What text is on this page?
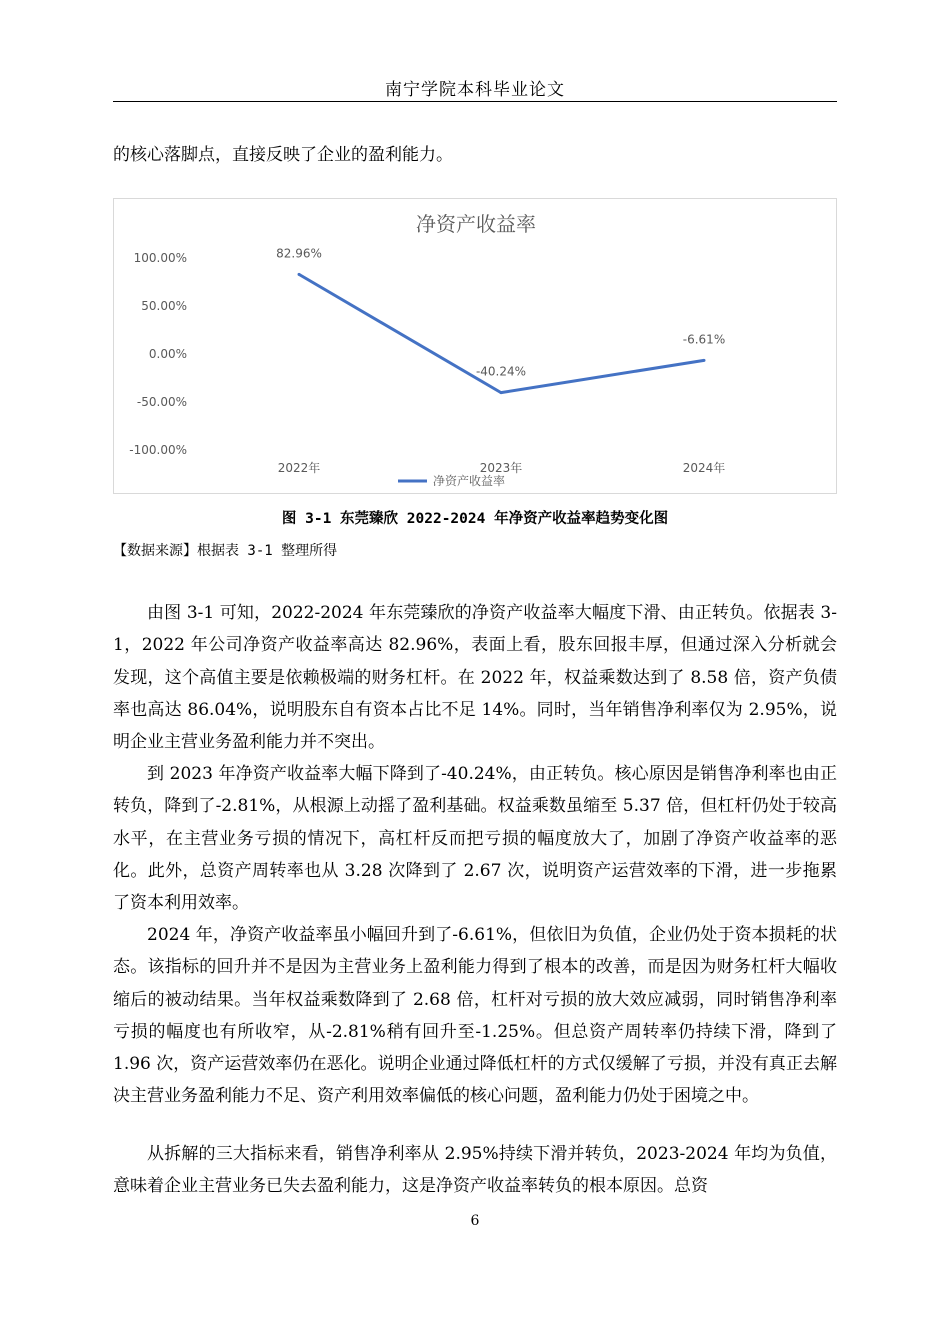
南宁学院本科毕业论文
的核心落脚点，直接反映了企业的盈利能力。
净资产收益率
100.00%
50.00%
0.00%
-50.00%
-100.00%
2022年	2023年	2024年
82.96%
-40.24%
-6.61%
净资产收益率
图 3-1 东莞臻欣 2022-2024 年净资产收益率趋势变化图
【数据来源】根据表 3-1 整理所得
由图 3-1 可知，2022-2024 年东莞臻欣的净资产收益率大幅度下滑、由正转负。依据表 3-1，2022 年公司净资产收益率高达 82.96%，表面上看，股东回报丰厚，但通过深入分析就会发现，这个高值主要是依赖极端的财务杠杆。在 2022 年，权益乘数达到了 8.58 倍，资产负债率也高达 86.04%，说明股东自有资本占比不足 14%。同时，当年销售净利率仅为 2.95%，说明企业主营业务盈利能力并不突出。
到 2023 年净资产收益率大幅下降到了-40.24%，由正转负。核心原因是销售净利率也由正转负，降到了-2.81%，从根源上动摇了盈利基础。权益乘数虽缩至 5.37 倍，但杠杆仍处于较高水平，在主营业务亏损的情况下，高杠杆反而把亏损的幅度放大了，加剧了净资产收益率的恶化。此外，总资产周转率也从 3.28 次降到了 2.67 次，说明资产运营效率的下滑，进一步拖累了资本利用效率。
2024 年，净资产收益率虽小幅回升到了-6.61%，但依旧为负值，企业仍处于资本损耗的状态。该指标的回升并不是因为主营业务上盈利能力得到了根本的改善，而是因为财务杠杆大幅收缩后的被动结果。当年权益乘数降到了 2.68 倍，杠杆对亏损的放大效应减弱，同时销售净利率亏损的幅度也有所收窄，从-2.81%稍有回升至-1.25%。但总资产周转率仍持续下滑，降到了 1.96 次，资产运营效率仍在恶化。说明企业通过降低杠杆的方式仅缓解了亏损，并没有真正去解决主营业务盈利能力不足、资产利用效率偏低的核心问题，盈利能力仍处于困境之中。
从拆解的三大指标来看，销售净利率从 2.95%持续下滑并转负，2023-2024 年均为负值，意味着企业主营业务已失去盈利能力，这是净资产收益率转负的根本原因。总资
6
